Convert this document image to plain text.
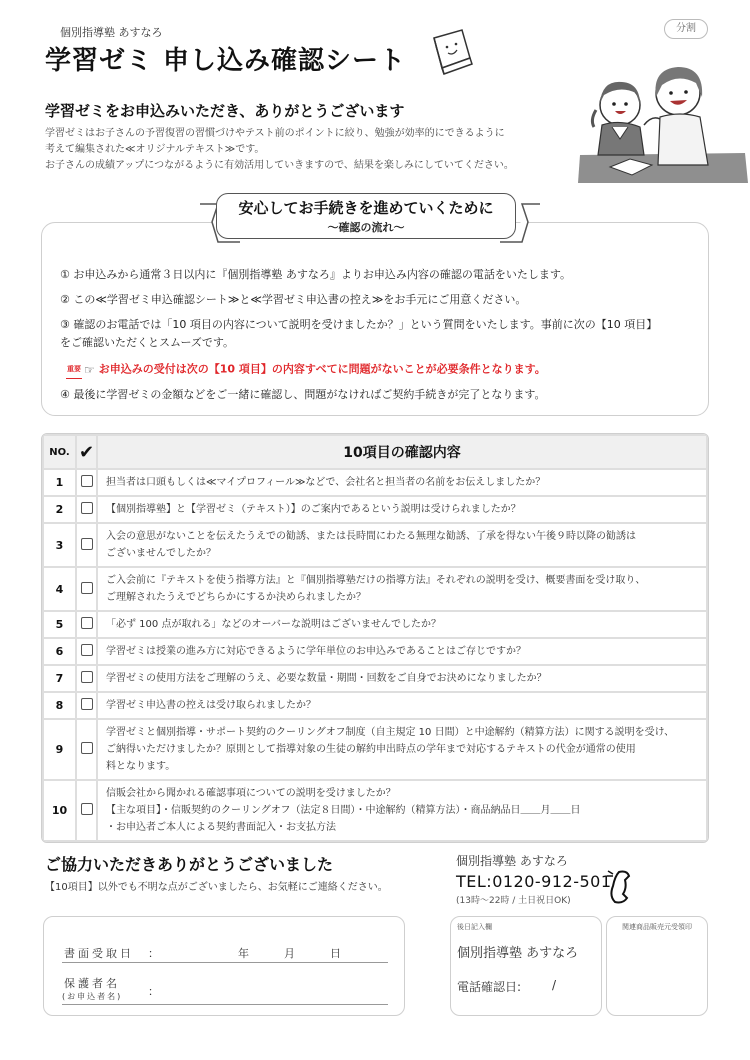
個別指導塾 あすなろ
学習ゼミ 申し込み確認シート
分割
学習ゼミをお申込みいただき、ありがとうございます
学習ゼミはお子さんの予習復習の習慣づけやテスト前のポイントに絞り、勉強が効率的にできるように
考えて編集された≪オリジナルテキスト≫です。
お子さんの成績アップにつながるように有効活用していきますので、結果を楽しみにしていてください。
安心してお手続きを進めていくために
～確認の流れ～
① お申込みから通常３日以内に『個別指導塾 あすなろ』よりお申込み内容の確認の電話をいたします。
② この≪学習ゼミ申込確認シート≫と≪学習ゼミ申込書の控え≫をお手元にご用意ください。
③ 確認のお電話では「10 項目の内容について説明を受けましたか？」という質問をいたします。事前に次の【10 項目】
をご確認いただくとスムーズです。
重要 ☞ お申込みの受付は次の【10 項目】の内容すべてに問題がないことが必要条件となります。
④ 最後に学習ゼミの金額などをご一緒に確認し、問題がなければご契約手続きが完了となります。
NO.	✔	10項目の確認内容
1		担当者は口頭もしくは≪マイプロフィール≫などで、会社名と担当者の名前をお伝えしましたか？

2		【個別指導塾】と【学習ゼミ（テキスト）】のご案内であるという説明は受けられましたか？

3		入会の意思がないことを伝えたうえでの勧誘、または長時間にわたる無理な勧誘、了承を得ない午後９時以降の勧誘は
ございませんでしたか？

4		ご入会前に『テキストを使う指導方法』と『個別指導塾だけの指導方法』それぞれの説明を受け、概要書面を受け取り、
ご理解されたうえでどちらかにするか決められましたか？

5		「必ず 100 点が取れる」などのオーバーな説明はございませんでしたか？

6		学習ゼミは授業の進み方に対応できるように学年単位のお申込みであることはご存じですか？

7		学習ゼミの使用方法をご理解のうえ、必要な数量・期間・回数をご自身でお決めになりましたか？

8		学習ゼミ申込書の控えは受け取られましたか？

9		学習ゼミと個別指導・サポート契約のクーリングオフ制度（自主規定 10 日間）と中途解約（精算方法）に関する説明を受け、
ご納得いただけましたか？原則として指導対象の生徒の解約申出時点の学年まで対応するテキストの代金が通常の使用
料となります。

10		信販会社から聞かれる確認事項についての説明を受けましたか？
【主な項目】・信販契約のクーリングオフ（法定８日間）・中途解約（精算方法）・商品納品日＿＿月＿＿日
・お申込者ご本人による契約書面記入・お支払方法
ご協力いただきありがとうございました
【10項目】以外でも不明な点がございましたら、お気軽にご連絡ください。
個別指導塾 あすなろ
TEL:0120-912-501
(13時～22時 / 土日祝日OK)
書面受取日 ：	年	月	日
保護者名
(お申込者名) ：
後日記入欄
個別指導塾 あすなろ
電話確認日:	/
関連商品販売元受領印
